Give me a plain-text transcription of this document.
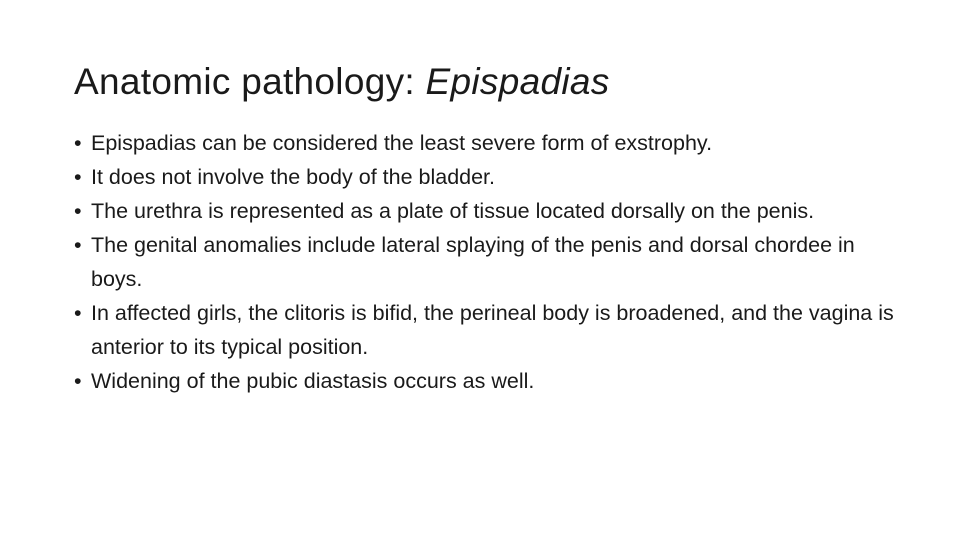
Anatomic pathology: Epispadias
• Epispadias can be considered the least severe form of exstrophy.
• It does not involve the body of the bladder.
• The urethra is represented as a plate of tissue located dorsally on the penis.
• The genital anomalies include lateral splaying of the penis and dorsal chordee in boys.
• In affected girls, the clitoris is bifid, the perineal body is broadened, and the vagina is anterior to its typical position.
• Widening of the pubic diastasis occurs as well.
